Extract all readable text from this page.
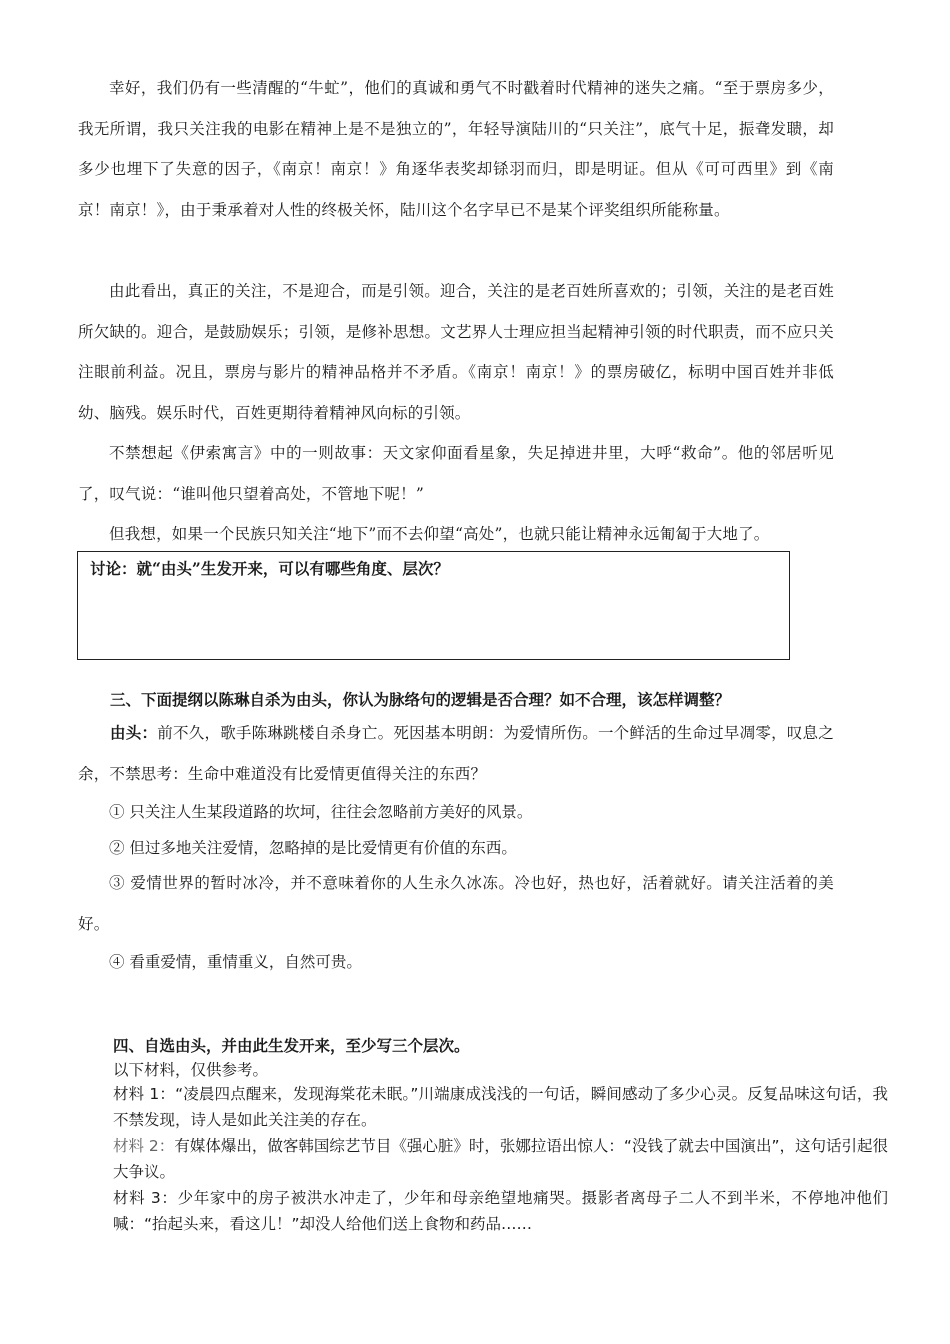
幸好，我们仍有一些清醒的“牛虻”，他们的真诚和勇气不时戳着时代精神的迷失之痛。“至于票房多少，我无所谓，我只关注我的电影在精神上是不是独立的”，年轻导演陆川的“只关注”，底气十足，振聋发聩，却多少也埋下了失意的因子，《南京！南京！》角逐华表奖却铩羽而归，即是明证。但从《可可西里》到《南京！南京！》，由于秉承着对人性的终极关怀，陆川这个名字早已不是某个评奖组织所能称量。
由此看出，真正的关注，不是迎合，而是引领。迎合，关注的是老百姓所喜欢的；引领，关注的是老百姓所欠缺的。迎合，是鼓励娱乐；引领，是修补思想。文艺界人士理应担当起精神引领的时代职责，而不应只关注眼前利益。况且，票房与影片的精神品格并不矛盾。《南京！南京！》的票房破亿，标明中国百姓并非低幼、脑残。娱乐时代，百姓更期待着精神风向标的引领。
不禁想起《伊索寓言》中的一则故事：天文家仰面看星象，失足掉进井里，大呼“救命”。他的邻居听见了，叹气说：“谁叫他只望着高处，不管地下呢！”
但我想，如果一个民族只知关注“地下”而不去仰望“高处”，也就只能让精神永远匍匐于大地了。
讨论：就“由头”生发开来，可以有哪些角度、层次？
三、下面提纲以陈琳自杀为由头，你认为脉络句的逻辑是否合理？如不合理，该怎样调整？
由头：前不久，歌手陈琳跳楼自杀身亡。死因基本明朗：为爱情所伤。一个鲜活的生命过早凋零，叹息之余，不禁思考：生命中难道没有比爱情更值得关注的东西？
① 只关注人生某段道路的坎坷，往往会忽略前方美好的风景。
② 但过多地关注爱情，忽略掉的是比爱情更有价值的东西。
③ 爱情世界的暂时冰冷，并不意味着你的人生永久冰冻。冷也好，热也好，活着就好。请关注活着的美好。
④ 看重爱情，重情重义，自然可贵。
四、自选由头，并由此生发开来，至少写三个层次。
以下材料，仅供参考。
材料 1：“凌晨四点醒来，发现海棠花未眠。”川端康成浅浅的一句话，瞬间感动了多少心灵。反复品味这句话，我不禁发现，诗人是如此关注美的存在。
材料 2：有媒体爆出，做客韩国综艺节目《强心脏》时，张娜拉语出惊人：“没钱了就去中国演出”，这句话引起很大争议。
材料 3：少年家中的房子被洪水冲走了，少年和母亲绝望地痛哭。摄影者离母子二人不到半米，不停地冲他们喊：“抬起头来，看这儿！”却没人给他们送上食物和药品……
